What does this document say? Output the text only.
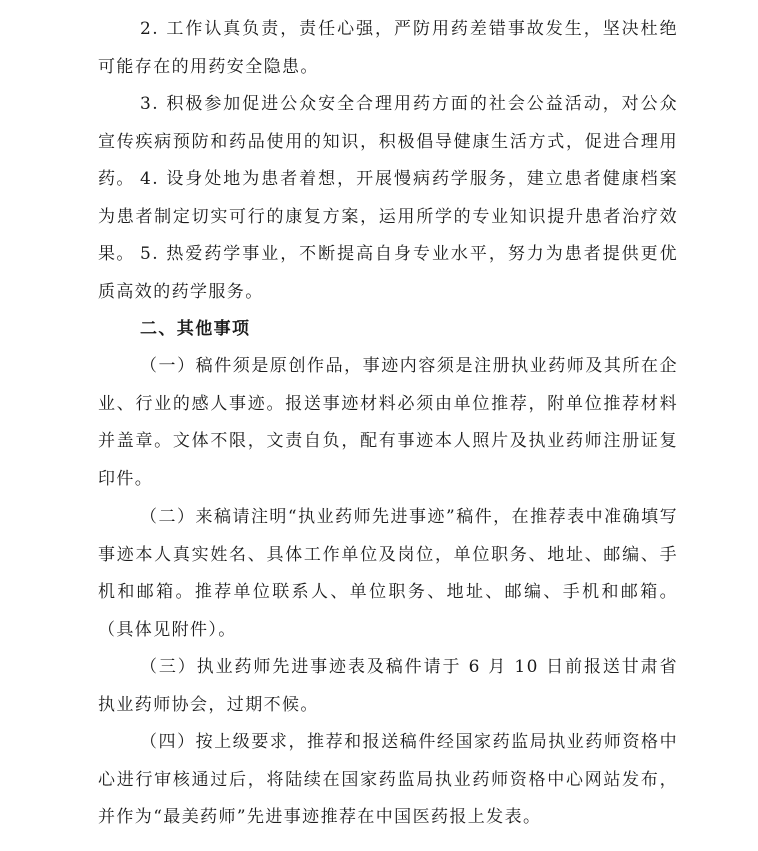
2. 工作认真负责，责任心强，严防用药差错事故发生，坚决杜绝可能存在的用药安全隐患。

3. 积极参加促进公众安全合理用药方面的社会公益活动，对公众宣传疾病预防和药品使用的知识，积极倡导健康生活方式，促进合理用药。 4. 设身处地为患者着想，开展慢病药学服务，建立患者健康档案为患者制定切实可行的康复方案，运用所学的专业知识提升患者治疗效果。 5. 热爱药学事业，不断提高自身专业水平，努力为患者提供更优质高效的药学服务。

二、其他事项

（一）稿件须是原创作品，事迹内容须是注册执业药师及其所在企业、行业的感人事迹。报送事迹材料必须由单位推荐，附单位推荐材料并盖章。文体不限，文责自负，配有事迹本人照片及执业药师注册证复印件。

（二）来稿请注明“执业药师先进事迹”稿件，在推荐表中准确填写事迹本人真实姓名、具体工作单位及岗位，单位职务、地址、邮编、手机和邮箱。推荐单位联系人、单位职务、地址、邮编、手机和邮箱。（具体见附件）。

（三）执业药师先进事迹表及稿件请于 6 月 10 日前报送甘肃省执业药师协会，过期不候。

（四）按上级要求，推荐和报送稿件经国家药监局执业药师资格中心进行审核通过后，将陆续在国家药监局执业药师资格中心网站发布，并作为“最美药师”先进事迹推荐在中国医药报上发表。
